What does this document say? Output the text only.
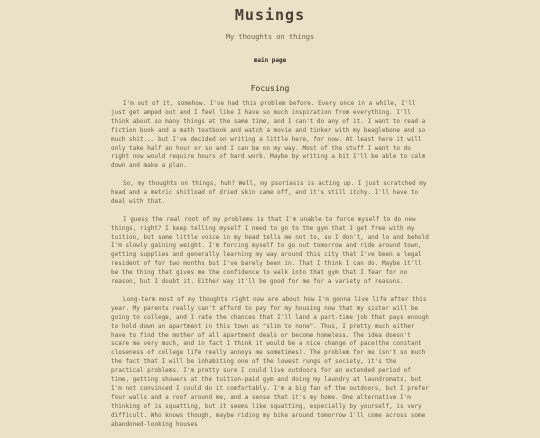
Musings
My thoughts on things
main page
Focusing

I'm out of it, somehow. I've had this problem before. Every once in a while, I'll just get amped out and I feel like I have so much inspiration from everything. I'll think about so many things at the same time, and I can't do any of it. I want to read a fiction book and a math textbook and watch a movie and tinker with my beaglebone and so much shit... but I've decided on writing a little here, for now. At least here it will only take half an hour or so and I can be on my way. Most of the stuff I want to do right now would require hours of hard work. Maybe by writing a bit I'll be able to calm down and make a plan.

So, my thoughts on things, huh? Well, my psoriasis is acting up. I just scratched my head and a metric shitload of dried skin came off, and it's still itchy. I'll have to deal with that.

I guess the real root of my problems is that I'm unable to force myself to do new things, right? I keep telling myself I need to go to the gym that I get free with my tuition, but some little voice in my head tells me not to, so I don't, and lo and behold I'm slowly gaining weight. I'm forcing myself to go out tomorrow and ride around town, getting supplies and generally learning my way around this city that I've been a legal resident of for two months but I've barely been in. That I think I can do. Maybe it'll be the thing that gives me the confidence to walk into that gym that I fear for no reason, but I doubt it. Either way it'll be good for me for a variety of reasons.

Long-term most of my thoughts right now are about how I'm gonna live life after this year. My parents really can't afford to pay for my housing now that my sister will be going to college, and I rate the chances that I'll land a part-time job that pays enough to hold down an apartment in this town as "slim to none". Thus, I pretty much either have to find the mother of all apartment deals or become homeless. The idea doesn't scare me very much, and in fact I think it would be a nice change of pace(the constant closeness of college life really annoys me sometimes). The problem for me isn't so much the fact that I will be inhabiting one of the lowest rungs of society, it's the practical problems. I'm pretty sure I could live outdoors for an extended period of time, getting showers at the tuition-paid gym and doing my laundry at laundromats, but I'm not convinced I could do it comfortably. I'm a big fan of the outdoors, but I prefer four walls and a roof around me, and a sense that it's my home. One alternative I'm thinking of is squatting, but it seems like squatting, especially by yourself, is very difficult. Who knows though, maybe riding my bike around tomorrow I'll come across some abandoned-looking houses
